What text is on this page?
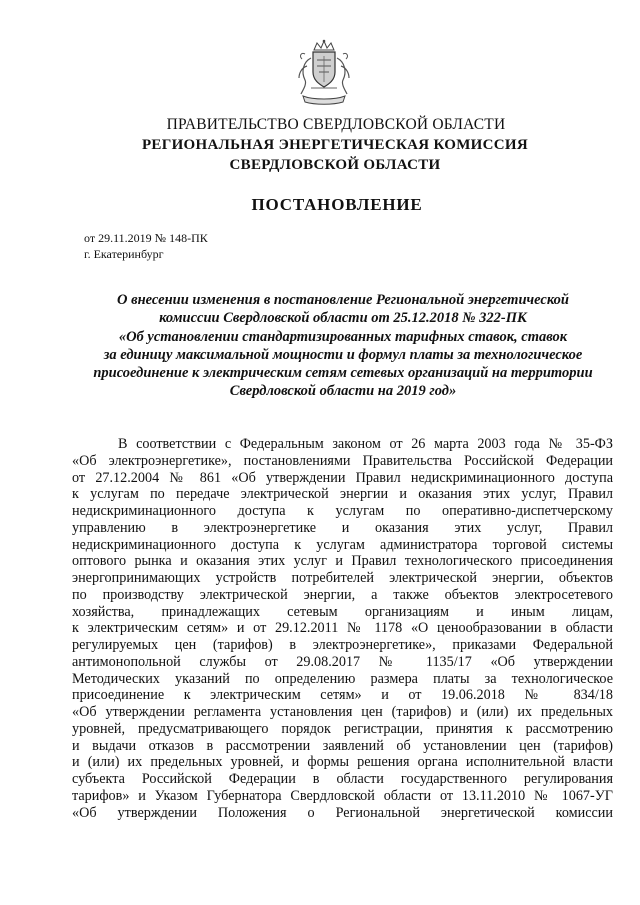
ПРАВИТЕЛЬСТВО СВЕРДЛОВСКОЙ ОБЛАСТИ
РЕГИОНАЛЬНАЯ ЭНЕРГЕТИЧЕСКАЯ КОМИССИЯ
СВЕРДЛОВСКОЙ ОБЛАСТИ
ПОСТАНОВЛЕНИЕ
от 29.11.2019 № 148-ПК
г. Екатеринбург
О внесении изменения в постановление Региональной энергетической
комиссии Свердловской области от 25.12.2018 № 322-ПК
«Об установлении стандартизированных тарифных ставок, ставок
за единицу максимальной мощности и формул платы за технологическое
присоединение к электрическим сетям сетевых организаций на территории
Свердловской области на 2019 год»
В соответствии с Федеральным законом от 26 марта 2003 года № 35-ФЗ
«Об электроэнергетике», постановлениями Правительства Российской Федерации
от 27.12.2004 № 861 «Об утверждении Правил недискриминационного доступа
к услугам по передаче электрической энергии и оказания этих услуг, Правил
недискриминационного доступа к услугам по оперативно-диспетчерскому
управлению в электроэнергетике и оказания этих услуг, Правил
недискриминационного доступа к услугам администратора торговой системы
оптового рынка и оказания этих услуг и Правил технологического присоединения
энергопринимающих устройств потребителей электрической энергии, объектов
по производству электрической энергии, а также объектов электросетевого
хозяйства, принадлежащих сетевым организациям и иным лицам,
к электрическим сетям» и от 29.12.2011 № 1178 «О ценообразовании в области
регулируемых цен (тарифов) в электроэнергетике», приказами Федеральной
антимонопольной службы от 29.08.2017 № 1135/17 «Об утверждении
Методических указаний по определению размера платы за технологическое
присоединение к электрическим сетям» и от 19.06.2018 № 834/18
«Об утверждении регламента установления цен (тарифов) и (или) их предельных
уровней, предусматривающего порядок регистрации, принятия к рассмотрению
и выдачи отказов в рассмотрении заявлений об установлении цен (тарифов)
и (или) их предельных уровней, и формы решения органа исполнительной власти
субъекта Российской Федерации в области государственного регулирования
тарифов» и Указом Губернатора Свердловской области от 13.11.2010 № 1067-УГ
«Об утверждении Положения о Региональной энергетической комиссии
